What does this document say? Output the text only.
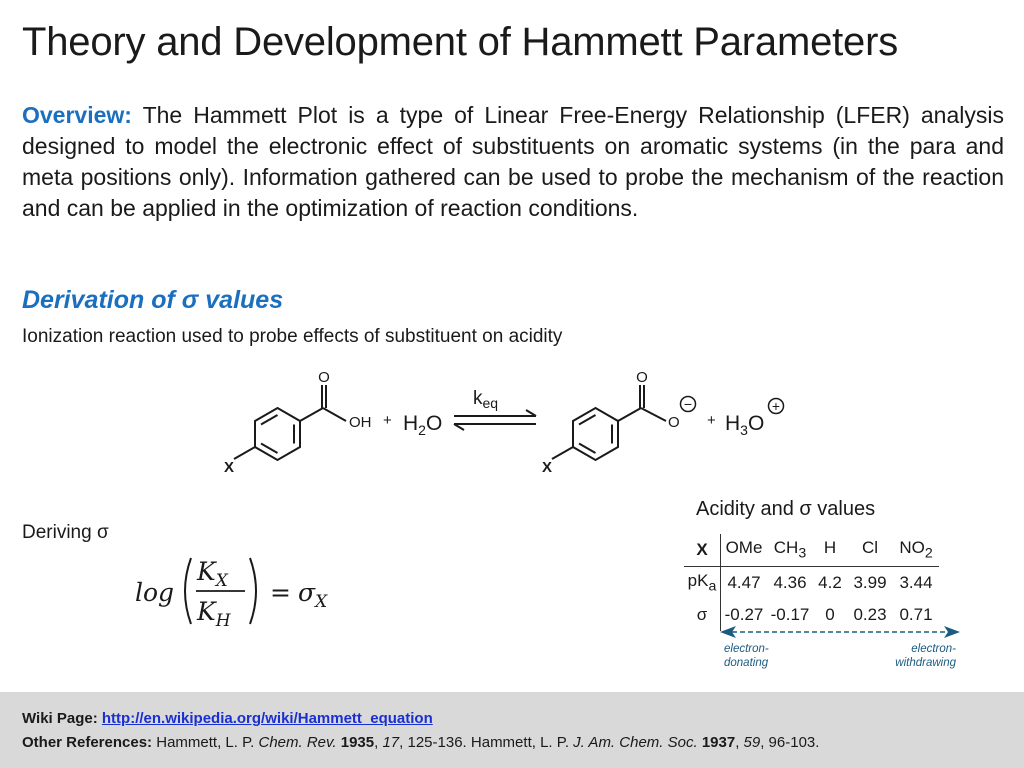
Theory and Development of Hammett Parameters
Overview: The Hammett Plot is a type of Linear Free-Energy Relationship (LFER) analysis designed to model the electronic effect of substituents on aromatic systems (in the para and meta positions only). Information gathered can be used to probe the mechanism of the reaction and can be applied in the optimization of reaction conditions.
Derivation of σ values
Ionization reaction used to probe effects of substituent on acidity
O
OH
X
+ $H_2O$
$k_{eq}$
O
O
−
X
+ $H_3O$
+
Deriving σ
log
$K_X$
$K_H$
= $\sigma_X$
Acidity and σ values
X	OMe	$CH_3$	H	Cl	$NO_2$
$pK_a$	4.47	4.36	4.2	3.99	3.44
σ	-0.27	-0.17	0	0.23	0.71
electron-
donating
electron-
withdrawing
Wiki Page: http://en.wikipedia.org/wiki/Hammett_equation
Other References: Hammett, L. P. Chem. Rev. 1935, 17, 125-136. Hammett, L. P. J. Am. Chem. Soc. 1937, 59, 96-103.
